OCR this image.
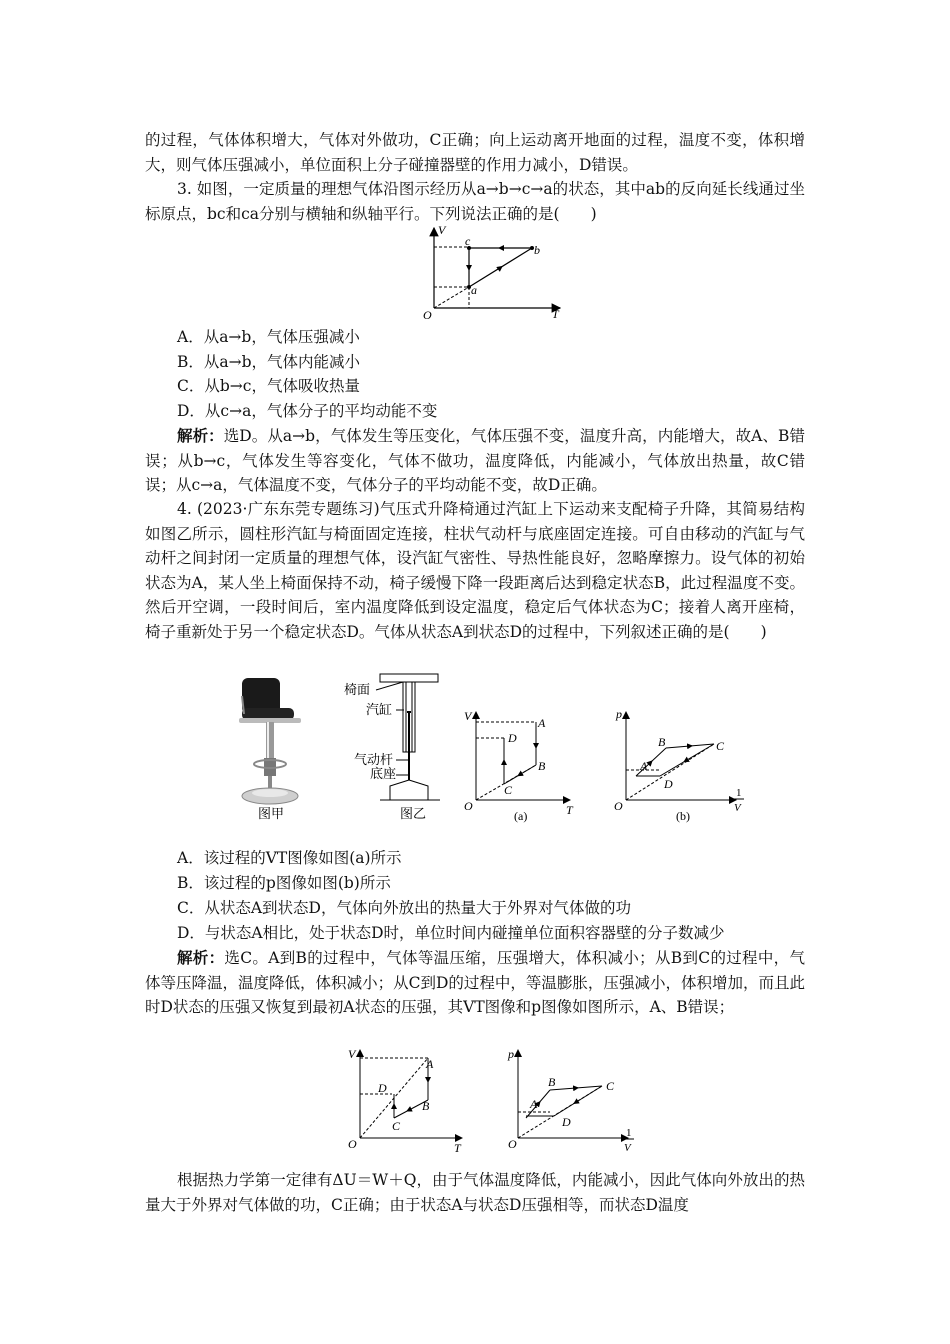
的过程，气体体积增大，气体对外做功，C正确；向上运动离开地面的过程，温度不变，体积增大，则气体压强减小，单位面积上分子碰撞器壁的作用力减小，D错误。

3. 如图，一定质量的理想气体沿图示经历从a→b→c→a的状态，其中ab的反向延长线通过坐标原点，bc和ca分别与横轴和纵轴平行。下列说法正确的是(　　)

V
T
O
b
c
a

A．从a→b，气体压强减小

B．从a→b，气体内能减小

C．从b→c，气体吸收热量

D．从c→a，气体分子的平均动能不变

解析：选D。从a→b，气体发生等压变化，气体压强不变，温度升高，内能增大，故A、B错误；从b→c，气体发生等容变化，气体不做功，温度降低，内能减小，气体放出热量，故C错误；从c→a，气体温度不变，气体分子的平均动能不变，故D正确。

4. (2023·广东东莞专题练习)气压式升降椅通过汽缸上下运动来支配椅子升降，其简易结构如图乙所示，圆柱形汽缸与椅面固定连接，柱状气动杆与底座固定连接。可自由移动的汽缸与气动杆之间封闭一定质量的理想气体，设汽缸气密性、导热性能良好，忽略摩擦力。设气体的初始状态为A，某人坐上椅面保持不动，椅子缓慢下降一段距离后达到稳定状态B，此过程温度不变。然后开空调，一段时间后，室内温度降低到设定温度，稳定后气体状态为C；接着人离开座椅，椅子重新处于另一个稳定状态D。气体从状态A到状态D的过程中，下列叙述正确的是(　　)

图甲
椅面
汽缸
气动杆
底座
图乙
V
T
O
A
B
C
D
(a)
p
O
1
V
A
B	C
D
(b)

A．该过程的VT图像如图(a)所示

B．该过程的p图像如图(b)所示

C．从状态A到状态D，气体向外放出的热量大于外界对气体做的功

D．与状态A相比，处于状态D时，单位时间内碰撞单位面积容器壁的分子数减少

解析：选C。A到B的过程中，气体等温压缩，压强增大，体积减小；从B到C的过程中，气体等压降温，温度降低，体积减小；从C到D的过程中，等温膨胀，压强减小，体积增加，而且此时D状态的压强又恢复到最初A状态的压强，其VT图像和p图像如图所示，A、B错误；

V
T
O
A
B
C
D
p
O
1
V
A
B	C
D

根据热力学第一定律有ΔU＝W＋Q，由于气体温度降低，内能减小，因此气体向外放出的热量大于外界对气体做的功，C正确；由于状态A与状态D压强相等，而状态D温度
